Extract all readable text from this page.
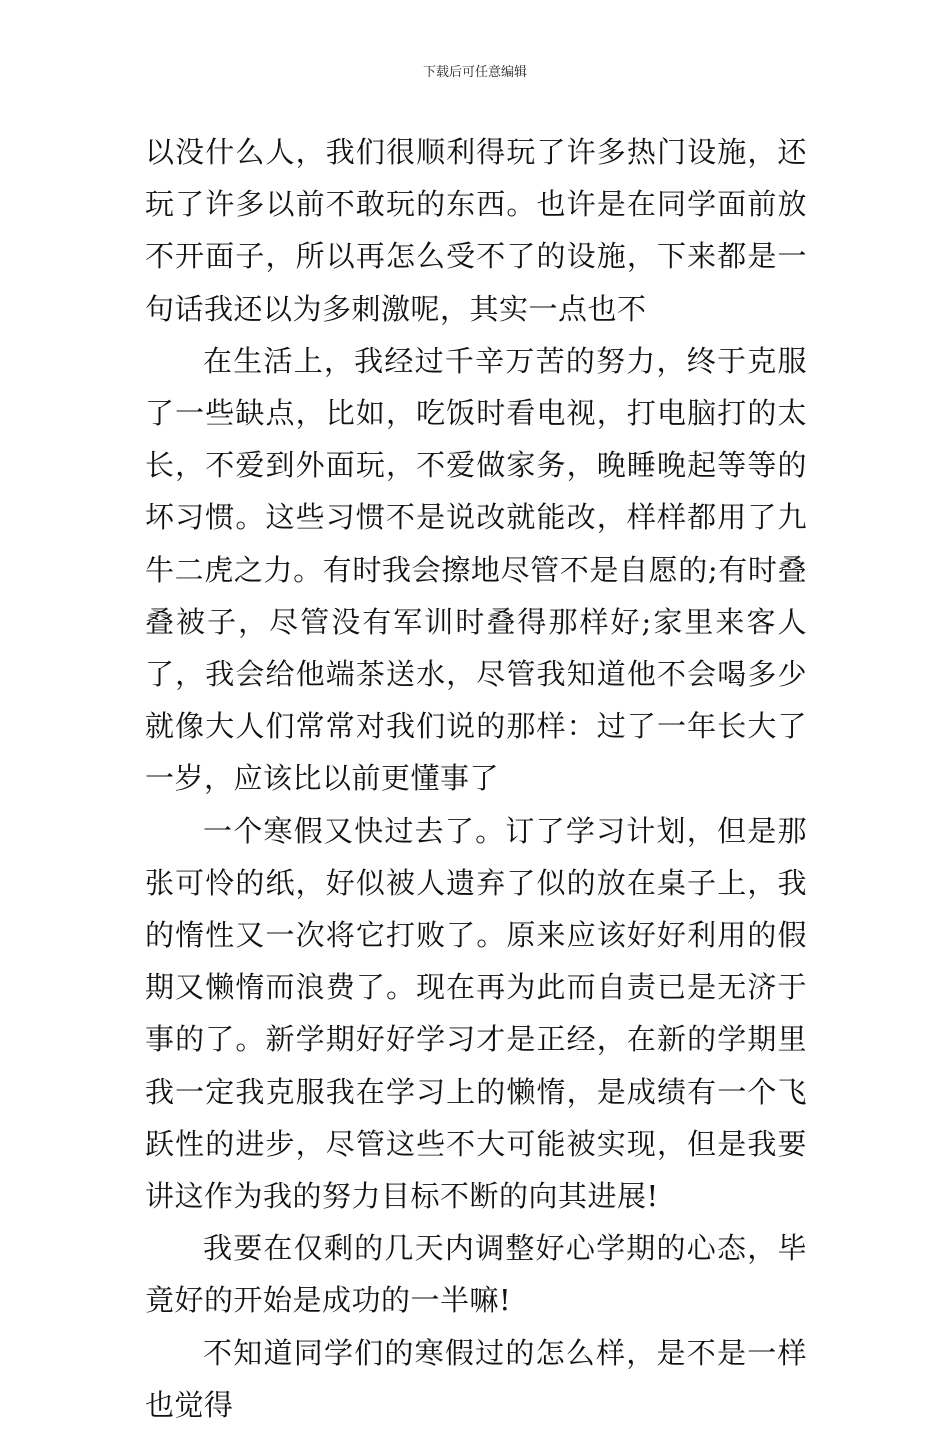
下载后可任意编辑

以没什么人，我们很顺利得玩了许多热门设施，还玩了许多以前不敢玩的东西。也许是在同学面前放不开面子，所以再怎么受不了的设施，下来都是一句话我还以为多刺激呢，其实一点也不

在生活上，我经过千辛万苦的努力，终于克服了一些缺点，比如，吃饭时看电视，打电脑打的太长，不爱到外面玩，不爱做家务，晚睡晚起等等的坏习惯。这些习惯不是说改就能改，样样都用了九牛二虎之力。有时我会擦地尽管不是自愿的;有时叠叠被子，尽管没有军训时叠得那样好;家里来客人了，我会给他端茶送水，尽管我知道他不会喝多少就像大人们常常对我们说的那样：过了一年长大了一岁，应该比以前更懂事了

一个寒假又快过去了。订了学习计划，但是那张可怜的纸，好似被人遗弃了似的放在桌子上，我的惰性又一次将它打败了。原来应该好好利用的假期又懒惰而浪费了。现在再为此而自责已是无济于事的了。新学期好好学习才是正经，在新的学期里我一定我克服我在学习上的懒惰，是成绩有一个飞跃性的进步，尽管这些不大可能被实现，但是我要讲这作为我的努力目标不断的向其进展!

我要在仅剩的几天内调整好心学期的心态，毕竟好的开始是成功的一半嘛!

不知道同学们的寒假过的怎么样，是不是一样也觉得
